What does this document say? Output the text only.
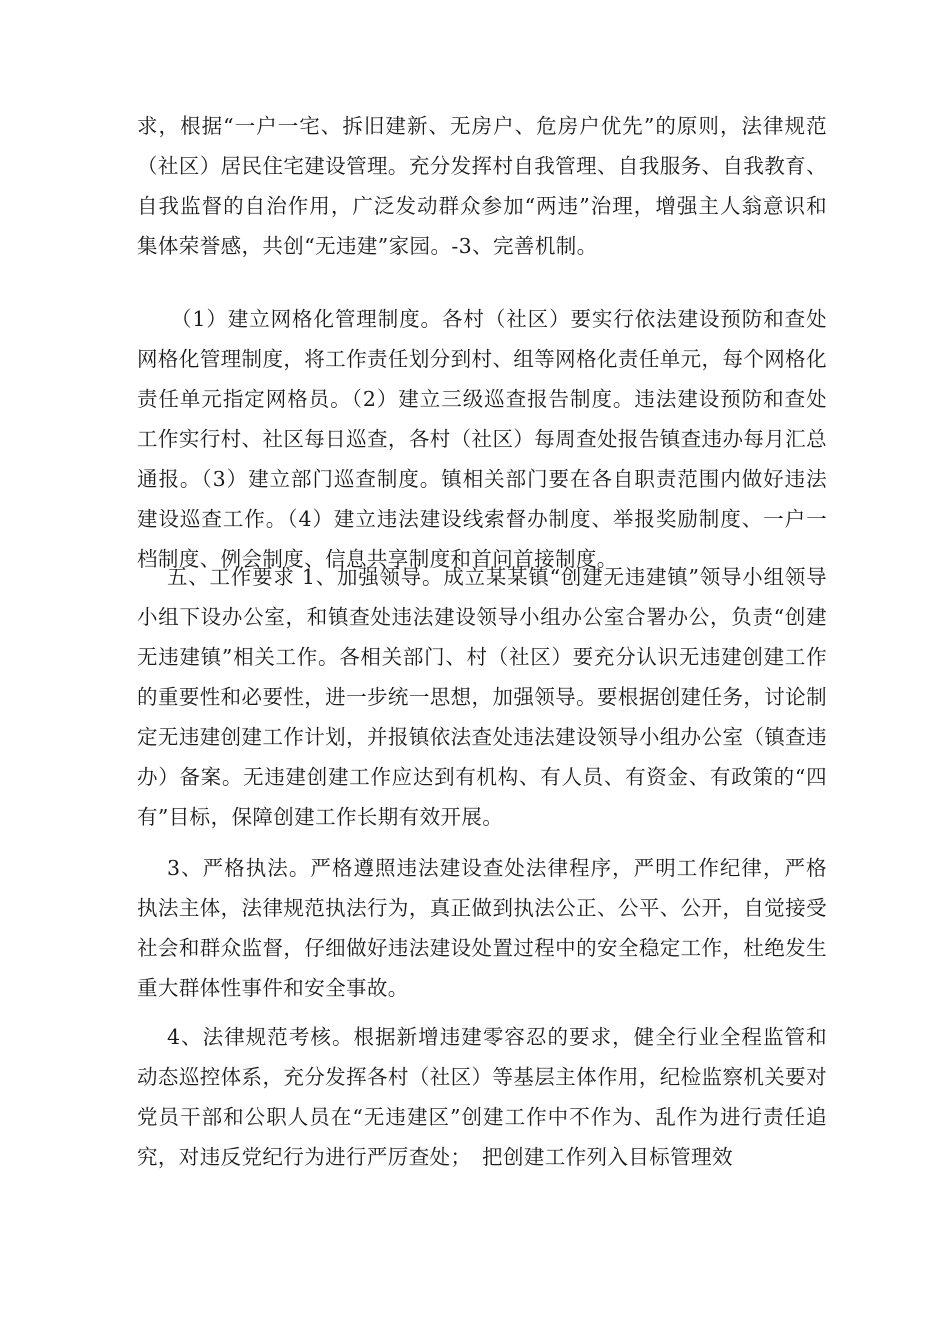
求，根据“一户一宅、拆旧建新、无房户、危房户优先”的原则，法律规范（社区）居民住宅建设管理。充分发挥村自我管理、自我服务、自我教育、自我监督的自治作用，广泛发动群众参加“两违”治理，增强主人翁意识和集体荣誉感，共创“无违建”家园。-3、完善机制。

（1）建立网格化管理制度。各村（社区）要实行依法建设预防和查处网格化管理制度，将工作责任划分到村、组等网格化责任单元，每个网格化责任单元指定网格员。（2）建立三级巡查报告制度。违法建设预防和查处工作实行村、社区每日巡查，各村（社区）每周查处报告镇查违办每月汇总通报。（3）建立部门巡查制度。镇相关部门要在各自职责范围内做好违法建设巡查工作。（4）建立违法建设线索督办制度、举报奖励制度、一户一档制度、例会制度、信息共享制度和首问首接制度。

五、工作要求 1、加强领导。成立某某镇“创建无违建镇”领导小组领导小组下设办公室，和镇查处违法建设领导小组办公室合署办公，负责“创建无违建镇”相关工作。各相关部门、村（社区）要充分认识无违建创建工作的重要性和必要性，进一步统一思想，加强领导。要根据创建任务，讨论制定无违建创建工作计划，并报镇依法查处违法建设领导小组办公室（镇查违办）备案。无违建创建工作应达到有机构、有人员、有资金、有政策的“四有”目标，保障创建工作长期有效开展。

3、严格执法。严格遵照违法建设查处法律程序，严明工作纪律，严格执法主体，法律规范执法行为，真正做到执法公正、公平、公开，自觉接受社会和群众监督，仔细做好违法建设处置过程中的安全稳定工作，杜绝发生重大群体性事件和安全事故。

4、法律规范考核。根据新增违建零容忍的要求，健全行业全程监管和动态巡控体系，充分发挥各村（社区）等基层主体作用，纪检监察机关要对党员干部和公职人员在“无违建区”创建工作中不作为、乱作为进行责任追究，对违反党纪行为进行严厉查处；　把创建工作列入目标管理效
